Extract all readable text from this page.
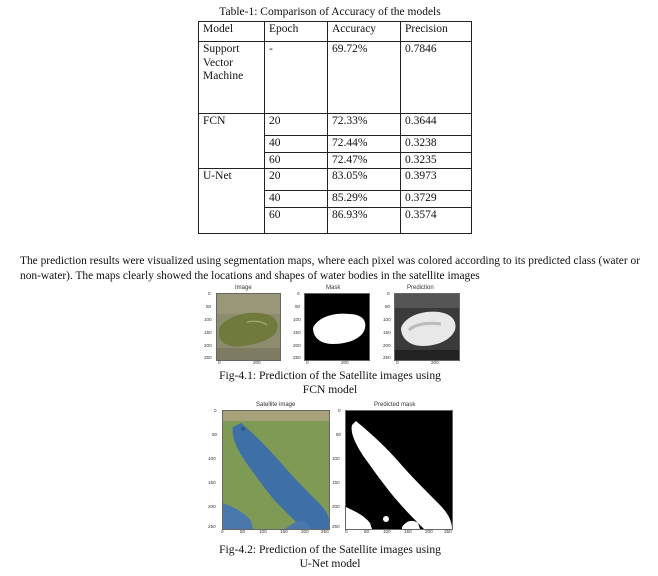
Table-1: Comparison of Accuracy of the models
Model	Epoch	Accuracy	Precision
Support
Vector
Machine	-	69.72%	0.7846
FCN	20	72.33%	0.3644
	40	72.44%	0.3238
	60	72.47%	0.3235
U-Net	20	83.05%	0.3973
	40	85.29%	0.3729
	60	86.93%	0.3574
The prediction results were visualized using segmentation maps, where each pixel was colored according to its predicted class (water or non-water). The maps clearly showed the locations and shapes of water bodies in the satellite images
Image	Mask	Prediction
0
50
100
150
200
250
0
50
100
150
200
250
0
50
100
150
200
250
0	200	0	200	0	200
Fig-4.1: Prediction of the Satellite images using
FCN model
Satellite image	Predicted mask
0
50
100
150
200
250
0
50
100
150
200
250
0	50	100	150	200	250	0	50	100	150	200 250
Fig-4.2: Prediction of the Satellite images using
U-Net model
